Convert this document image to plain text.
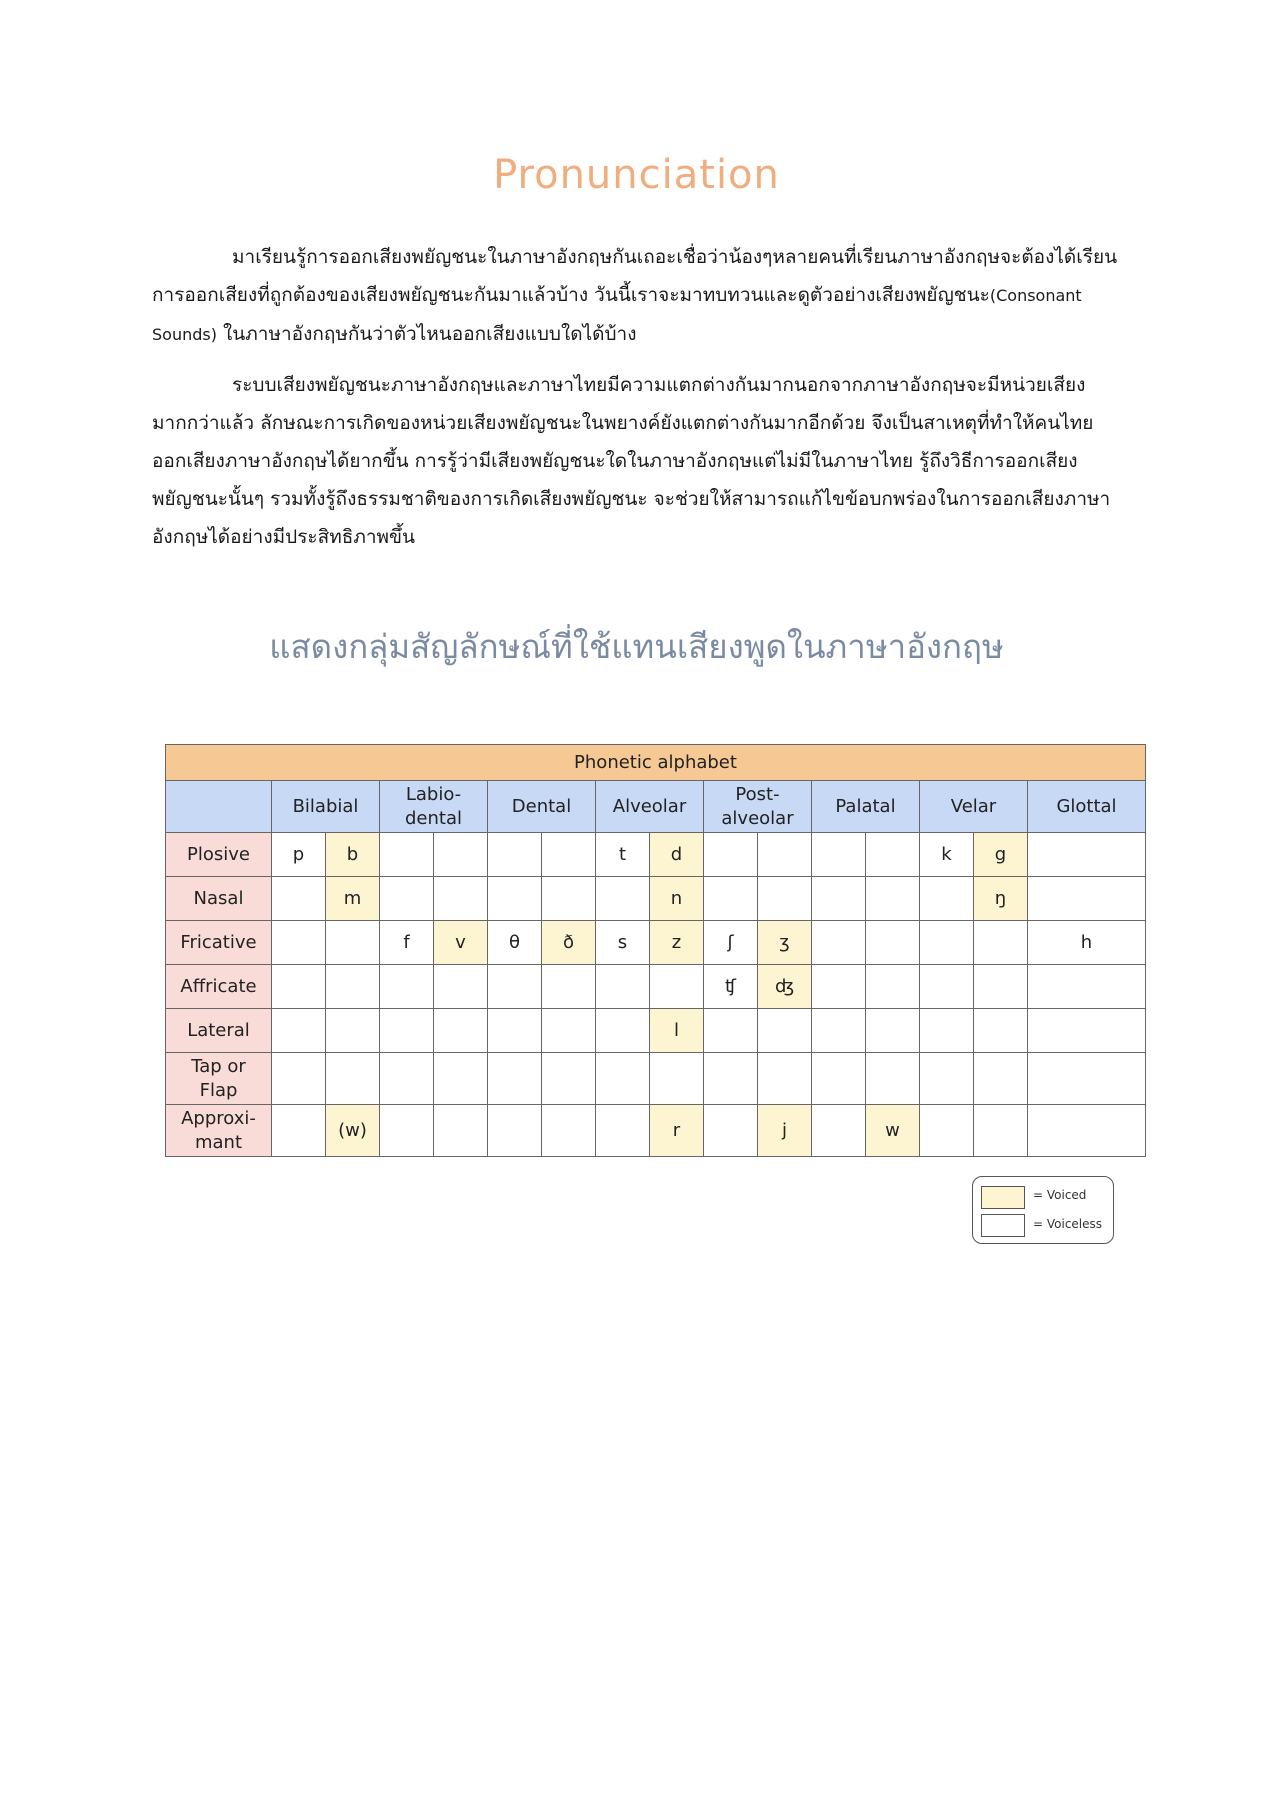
Pronunciation

มาเรียนรู้การออกเสียงพยัญชนะในภาษาอังกฤษกันเถอะเชื่อว่าน้องๆหลายคนที่เรียนภาษาอังกฤษจะต้องได้เรียนการออกเสียงที่ถูกต้องของเสียงพยัญชนะกันมาแล้วบ้าง วันนี้เราจะมาทบทวนและดูตัวอย่างเสียงพยัญชนะ(Consonant Sounds) ในภาษาอังกฤษกันว่าตัวไหนออกเสียงแบบใดได้บ้าง

ระบบเสียงพยัญชนะภาษาอังกฤษและภาษาไทยมีความแตกต่างกันมากนอกจากภาษาอังกฤษจะมีหน่วยเสียงมากกว่าแล้ว ลักษณะการเกิดของหน่วยเสียงพยัญชนะในพยางค์ยังแตกต่างกันมากอีกด้วย จึงเป็นสาเหตุที่ทำให้คนไทยออกเสียงภาษาอังกฤษได้ยากขึ้น การรู้ว่ามีเสียงพยัญชนะใดในภาษาอังกฤษแต่ไม่มีในภาษาไทย รู้ถึงวิธีการออกเสียงพยัญชนะนั้นๆ รวมทั้งรู้ถึงธรรมชาติของการเกิดเสียงพยัญชนะ จะช่วยให้สามารถแก้ไขข้อบกพร่องในการออกเสียงภาษาอังกฤษได้อย่างมีประสิทธิภาพขึ้น

แสดงกลุ่มสัญลักษณ์ที่ใช้แทนเสียงพูดในภาษาอังกฤษ
Phonetic alphabet															
	Bilabial		Labio-
dental		Dental		Alveolar		Post-
alveolar		Palatal		Velar		Glottal
Plosive	p	b					t	d					k	g	
Nasal		m						n						ŋ	
Fricative			f	v	θ	ð	s	z	ʃ	ʒ					h
Affricate									ʧ	ʤ					
Lateral								l							
Tap or
Flap															
Approxi-
mant		(w)						r		j		w			
= Voiced
= Voiceless
